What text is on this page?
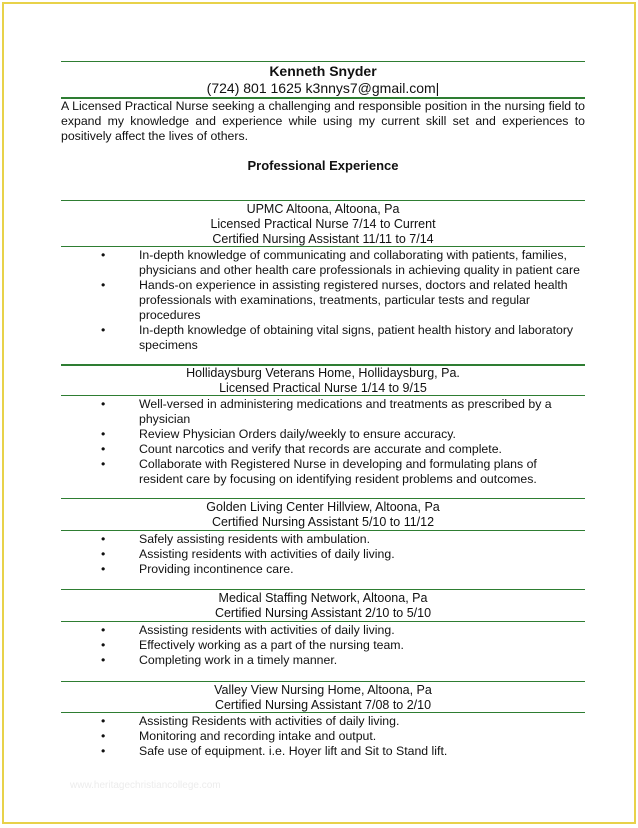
Kenneth Snyder
(724) 801 1625 k3nnys7@gmail.com|
A Licensed Practical Nurse seeking a challenging and responsible position in the nursing field to expand my knowledge and experience while using my current skill set and experiences to positively affect the lives of others.
Professional Experience
UPMC Altoona, Altoona, Pa
Licensed Practical Nurse 7/14 to Current
Certified Nursing Assistant 11/11 to 7/14
•	In-depth knowledge of communicating and collaborating with patients, families, physicians and other health care professionals in achieving quality in patient care
•	Hands-on experience in assisting registered nurses, doctors and related health professionals with examinations, treatments, particular tests and regular procedures
•	In-depth knowledge of obtaining vital signs, patient health history and laboratory specimens
Hollidaysburg Veterans Home, Hollidaysburg, Pa.
Licensed Practical Nurse 1/14 to 9/15
•	Well-versed in administering medications and treatments as prescribed by a physician
•	Review Physician Orders daily/weekly to ensure accuracy.
•	Count narcotics and verify that records are accurate and complete.
•	Collaborate with Registered Nurse in developing and formulating plans of resident care by focusing on identifying resident problems and outcomes.
Golden Living Center Hillview, Altoona, Pa
Certified Nursing Assistant 5/10 to 11/12
•	Safely assisting residents with ambulation.
•	Assisting residents with activities of daily living.
•	Providing incontinence care.
Medical Staffing Network, Altoona, Pa
Certified Nursing Assistant 2/10 to 5/10
•	Assisting residents with activities of daily living.
•	Effectively working as a part of the nursing team.
•	Completing work in a timely manner.
Valley View Nursing Home, Altoona, Pa
Certified Nursing Assistant 7/08 to 2/10
•	Assisting Residents with activities of daily living.
•	Monitoring and recording intake and output.
•	Safe use of equipment. i.e. Hoyer lift and Sit to Stand lift.
www.heritagechristiancollege.com
